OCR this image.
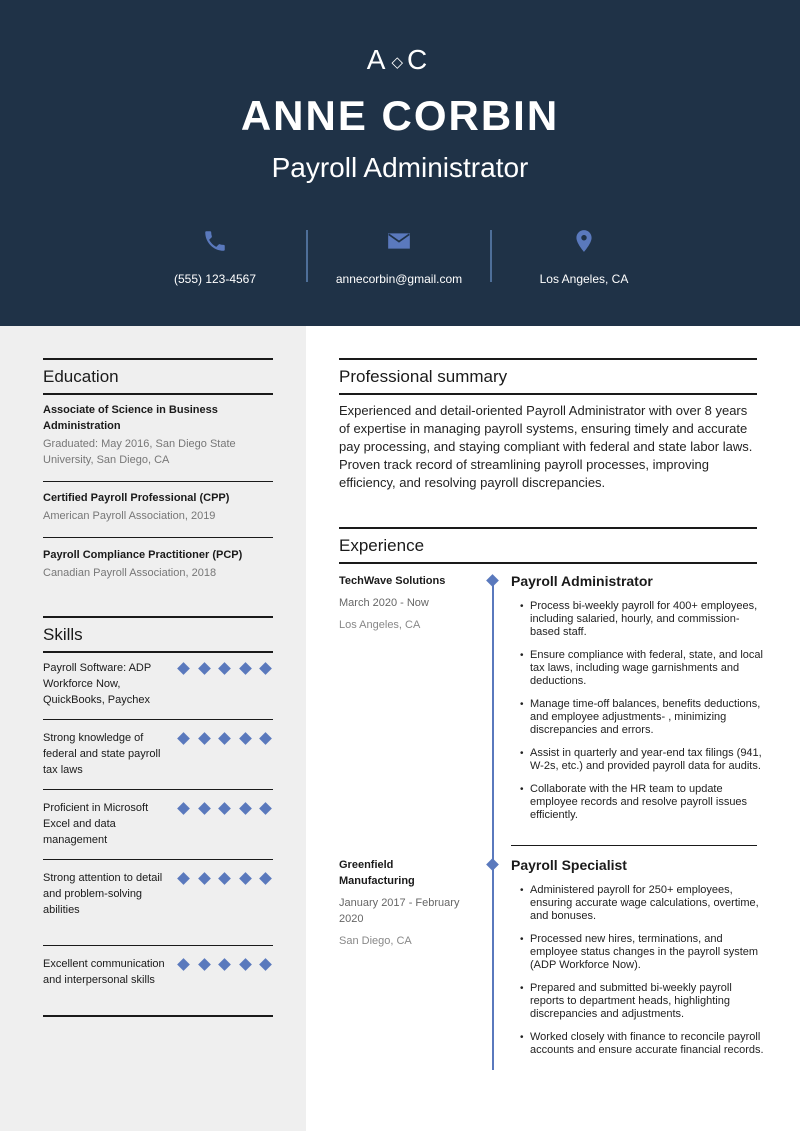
A◇ C
ANNE CORBIN
Payroll Administrator
(555) 123-4567	annecorbin@gmail.com	Los Angeles, CA
Education
Associate of Science in Business Administration
Graduated: May 2016, San Diego State University, San Diego, CA
Certified Payroll Professional (CPP)
American Payroll Association, 2019
Payroll Compliance Practitioner (PCP)
Canadian Payroll Association, 2018
Skills
Payroll Software: ADP Workforce Now, QuickBooks, Paychex
Strong knowledge of federal and state payroll tax laws
Proficient in Microsoft Excel and data management
Strong attention to detail and problem-solving abilities
Excellent communication and interpersonal skills
Professional summary
Experienced and detail-oriented Payroll Administrator with over 8 years of expertise in managing payroll systems, ensuring timely and accurate pay processing, and staying compliant with federal and state labor laws. Proven track record of streamlining payroll processes, improving efficiency, and resolving payroll discrepancies.
Experience
TechWave Solutions
March 2020 - Now
Los Angeles, CA
Payroll Administrator
• Process bi-weekly payroll for 400+ employees, including salaried, hourly, and commission-based staff.
• Ensure compliance with federal, state, and local tax laws, including wage garnishments and deductions.
• Manage time-off balances, benefits deductions, and employee adjustments- , minimizing discrepancies and errors.
• Assist in quarterly and year-end tax filings (941, W-2s, etc.) and provided payroll data for audits.
• Collaborate with the HR team to update employee records and resolve payroll issues efficiently.
Greenfield Manufacturing
January 2017 - February 2020
San Diego, CA
Payroll Specialist
• Administered payroll for 250+ employees, ensuring accurate wage calculations, overtime, and bonuses.
• Processed new hires, terminations, and employee status changes in the payroll system (ADP Workforce Now).
• Prepared and submitted bi-weekly payroll reports to department heads, highlighting discrepancies and adjustments.
• Worked closely with finance to reconcile payroll accounts and ensure accurate financial records.
